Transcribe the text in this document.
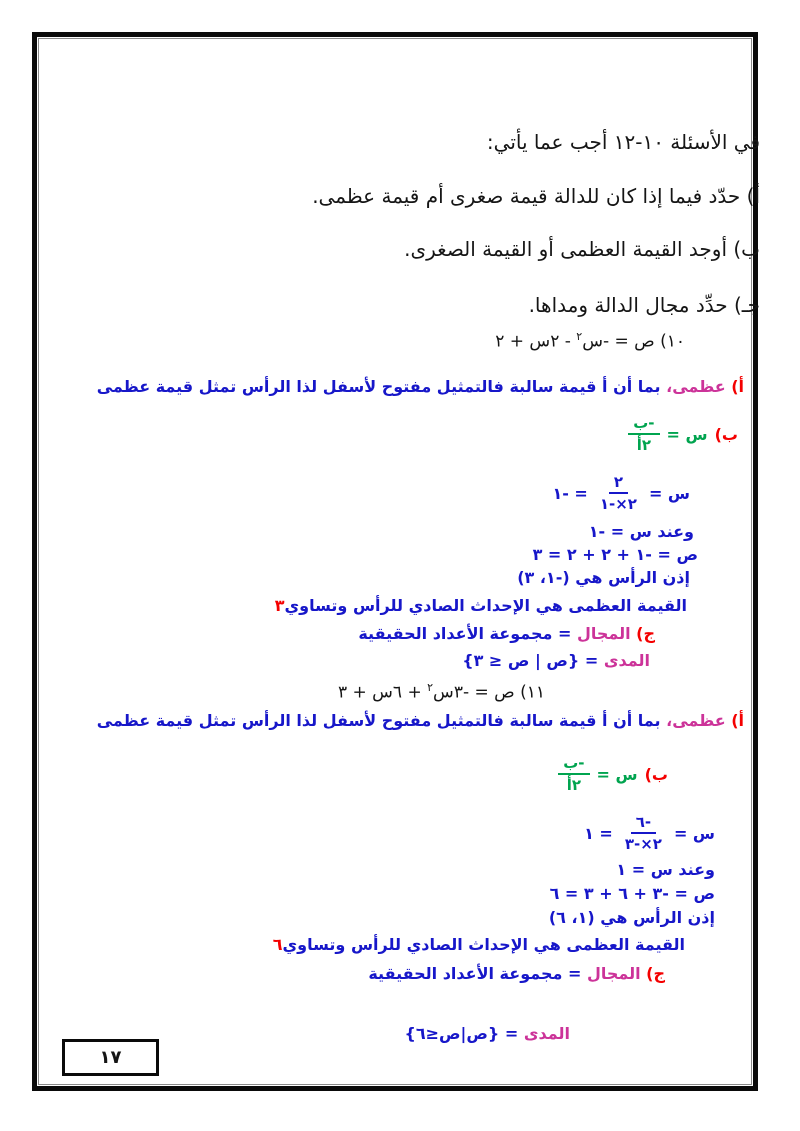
في الأسئلة ١٠-١٢ أجب عما يأتي:
أ) حدّد فيما إذا كان للدالة قيمة صغرى أم قيمة عظمى.
ب) أوجد القيمة العظمى أو القيمة الصغرى.
جـ) حدِّد مجال الدالة ومداها.
١٠) ص = -س$^٢$ - ٢س + ٢
أ) عظمى، بما أن أ قيمة سالبة فالتمثيل مفتوح لأسفل لذا الرأس تمثل قيمة عظمى
ب)
س =
$\frac{\text{-ب}}{\text{٢أ}}$
س =
$\frac{٢}{٢\times-١}$
= -١
وعند س = -١
ص = -١ + ٢ + ٢ = ٣
إذن الرأس هي (-١، ٣)
القيمة العظمى هي الإحداث الصادي للرأس وتساوي٣
ج) المجال = مجموعة الأعداد الحقيقية
المدى = {ص | ص ≤ ٣}
١١) ص = -٣س$^٢$ + ٦س + ٣
أ) عظمى، بما أن أ قيمة سالبة فالتمثيل مفتوح لأسفل لذا الرأس تمثل قيمة عظمى
ب)
س =
$\frac{\text{-ب}}{\text{٢أ}}$
س =
$\frac{-٦}{٢\times-٣}$
= ١
وعند س = ١
ص = -٣ + ٦ + ٣ = ٦
إذن الرأس هي (١، ٦)
القيمة العظمى هي الإحداث الصادي للرأس وتساوي٦
ج) المجال = مجموعة الأعداد الحقيقية
المدى = {ص|ص≤٦}
١٧
